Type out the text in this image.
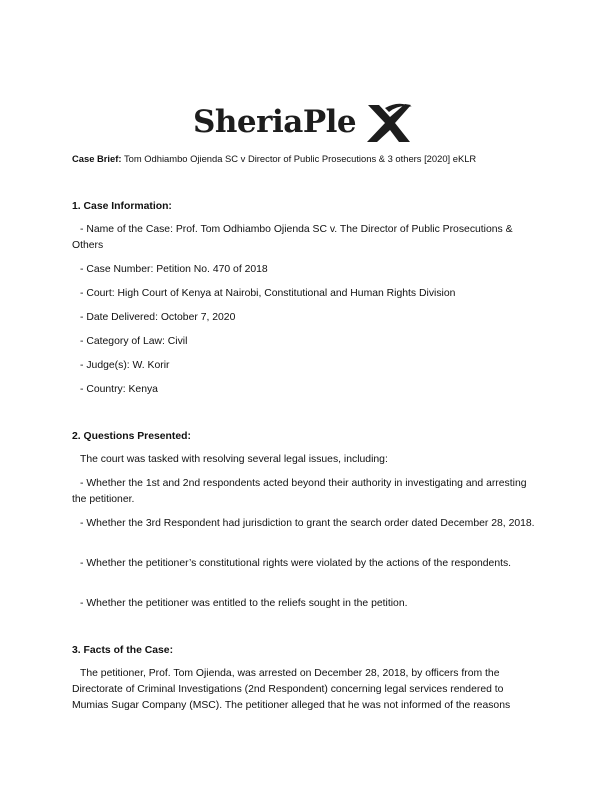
SheriaPle
Case Brief: Tom Odhiambo Ojienda SC v Director of Public Prosecutions & 3 others [2020] eKLR
1. Case Information:
- Name of the Case: Prof. Tom Odhiambo Ojienda SC v. The Director of Public Prosecutions & Others
- Case Number: Petition No. 470 of 2018
- Court: High Court of Kenya at Nairobi, Constitutional and Human Rights Division
- Date Delivered: October 7, 2020
- Category of Law: Civil
- Judge(s): W. Korir
- Country: Kenya
2. Questions Presented:
The court was tasked with resolving several legal issues, including:
- Whether the 1st and 2nd respondents acted beyond their authority in investigating and arresting the petitioner.
- Whether the 3rd Respondent had jurisdiction to grant the search order dated December 28, 2018.
- Whether the petitioner’s constitutional rights were violated by the actions of the respondents.
- Whether the petitioner was entitled to the reliefs sought in the petition.
3. Facts of the Case:
The petitioner, Prof. Tom Ojienda, was arrested on December 28, 2018, by officers from the Directorate of Criminal Investigations (2nd Respondent) concerning legal services rendered to Mumias Sugar Company (MSC). The petitioner alleged that he was not informed of the reasons
